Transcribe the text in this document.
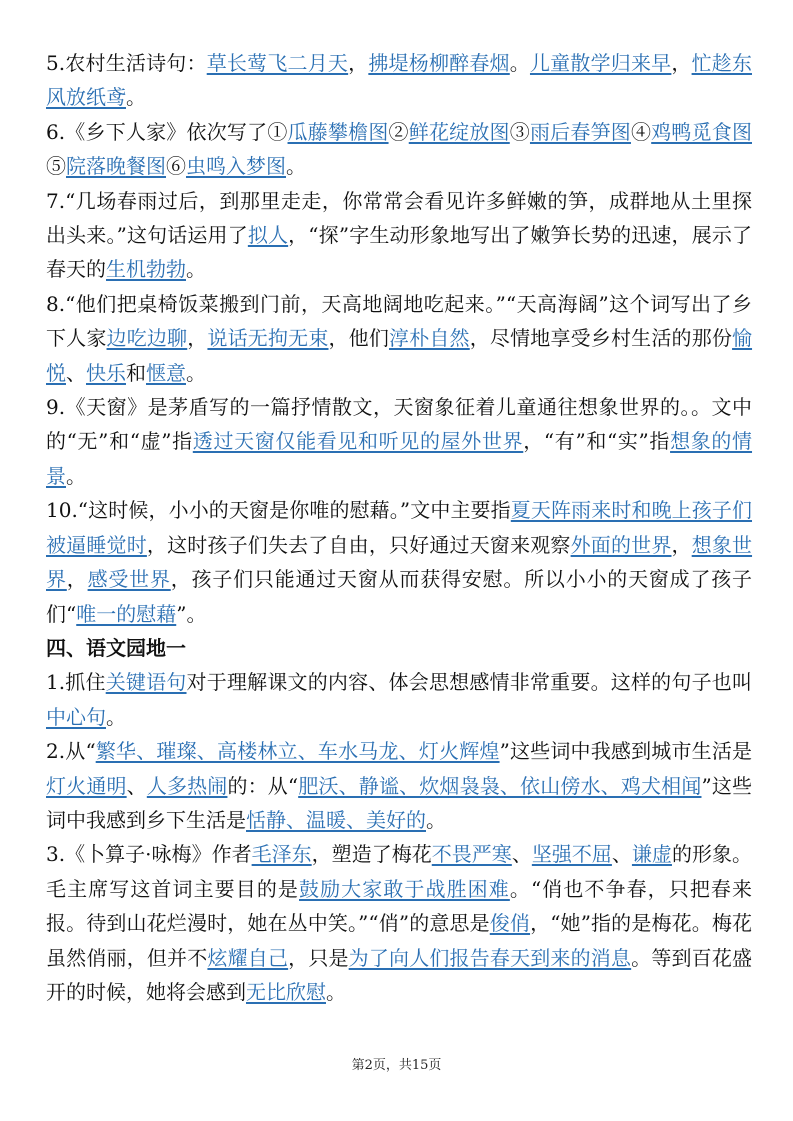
5.农村生活诗句：草长莺飞二月天，拂堤杨柳醉春烟。儿童散学归来早，忙趁东风放纸鸢。

6.《乡下人家》依次写了①瓜藤攀檐图②鲜花绽放图③雨后春笋图④鸡鸭觅食图⑤院落晚餐图⑥虫鸣入梦图。

7.“几场春雨过后，到那里走走，你常常会看见许多鲜嫩的笋，成群地从土里探出头来。”这句话运用了拟人，“探”字生动形象地写出了嫩笋长势的迅速，展示了春天的生机勃勃。

8.“他们把桌椅饭菜搬到门前，天高地阔地吃起来。”“天高海阔”这个词写出了乡下人家边吃边聊，说话无拘无束，他们淳朴自然，尽情地享受乡村生活的那份愉悦、快乐和惬意。

9.《天窗》是茅盾写的一篇抒情散文，天窗象征着儿童通往想象世界的。。文中的“无”和“虚”指透过天窗仅能看见和听见的屋外世界，“有”和“实”指想象的情景。

10.“这时候，小小的天窗是你唯的慰藉。”文中主要指夏天阵雨来时和晚上孩子们被逼睡觉时，这时孩子们失去了自由，只好通过天窗来观察外面的世界，想象世界，感受世界，孩子们只能通过天窗从而获得安慰。所以小小的天窗成了孩子们“唯一的慰藉”。

四、语文园地一

1.抓住关键语句对于理解课文的内容、体会思想感情非常重要。这样的句子也叫中心句。

2.从“繁华、璀璨、高楼林立、车水马龙、灯火辉煌”这些词中我感到城市生活是灯火通明、人多热闹的：从“肥沃、静谧、炊烟袅袅、依山傍水、鸡犬相闻”这些词中我感到乡下生活是恬静、温暖、美好的。

3.《卜算子·咏梅》作者毛泽东，塑造了梅花不畏严寒、坚强不屈、谦虚的形象。毛主席写这首词主要目的是鼓励大家敢于战胜困难。“俏也不争春，只把春来报。待到山花烂漫时，她在丛中笑。”“俏”的意思是俊俏，“她”指的是梅花。梅花虽然俏丽，但并不炫耀自己，只是为了向人们报告春天到来的消息。等到百花盛开的时候，她将会感到无比欣慰。

第2页，共15页
